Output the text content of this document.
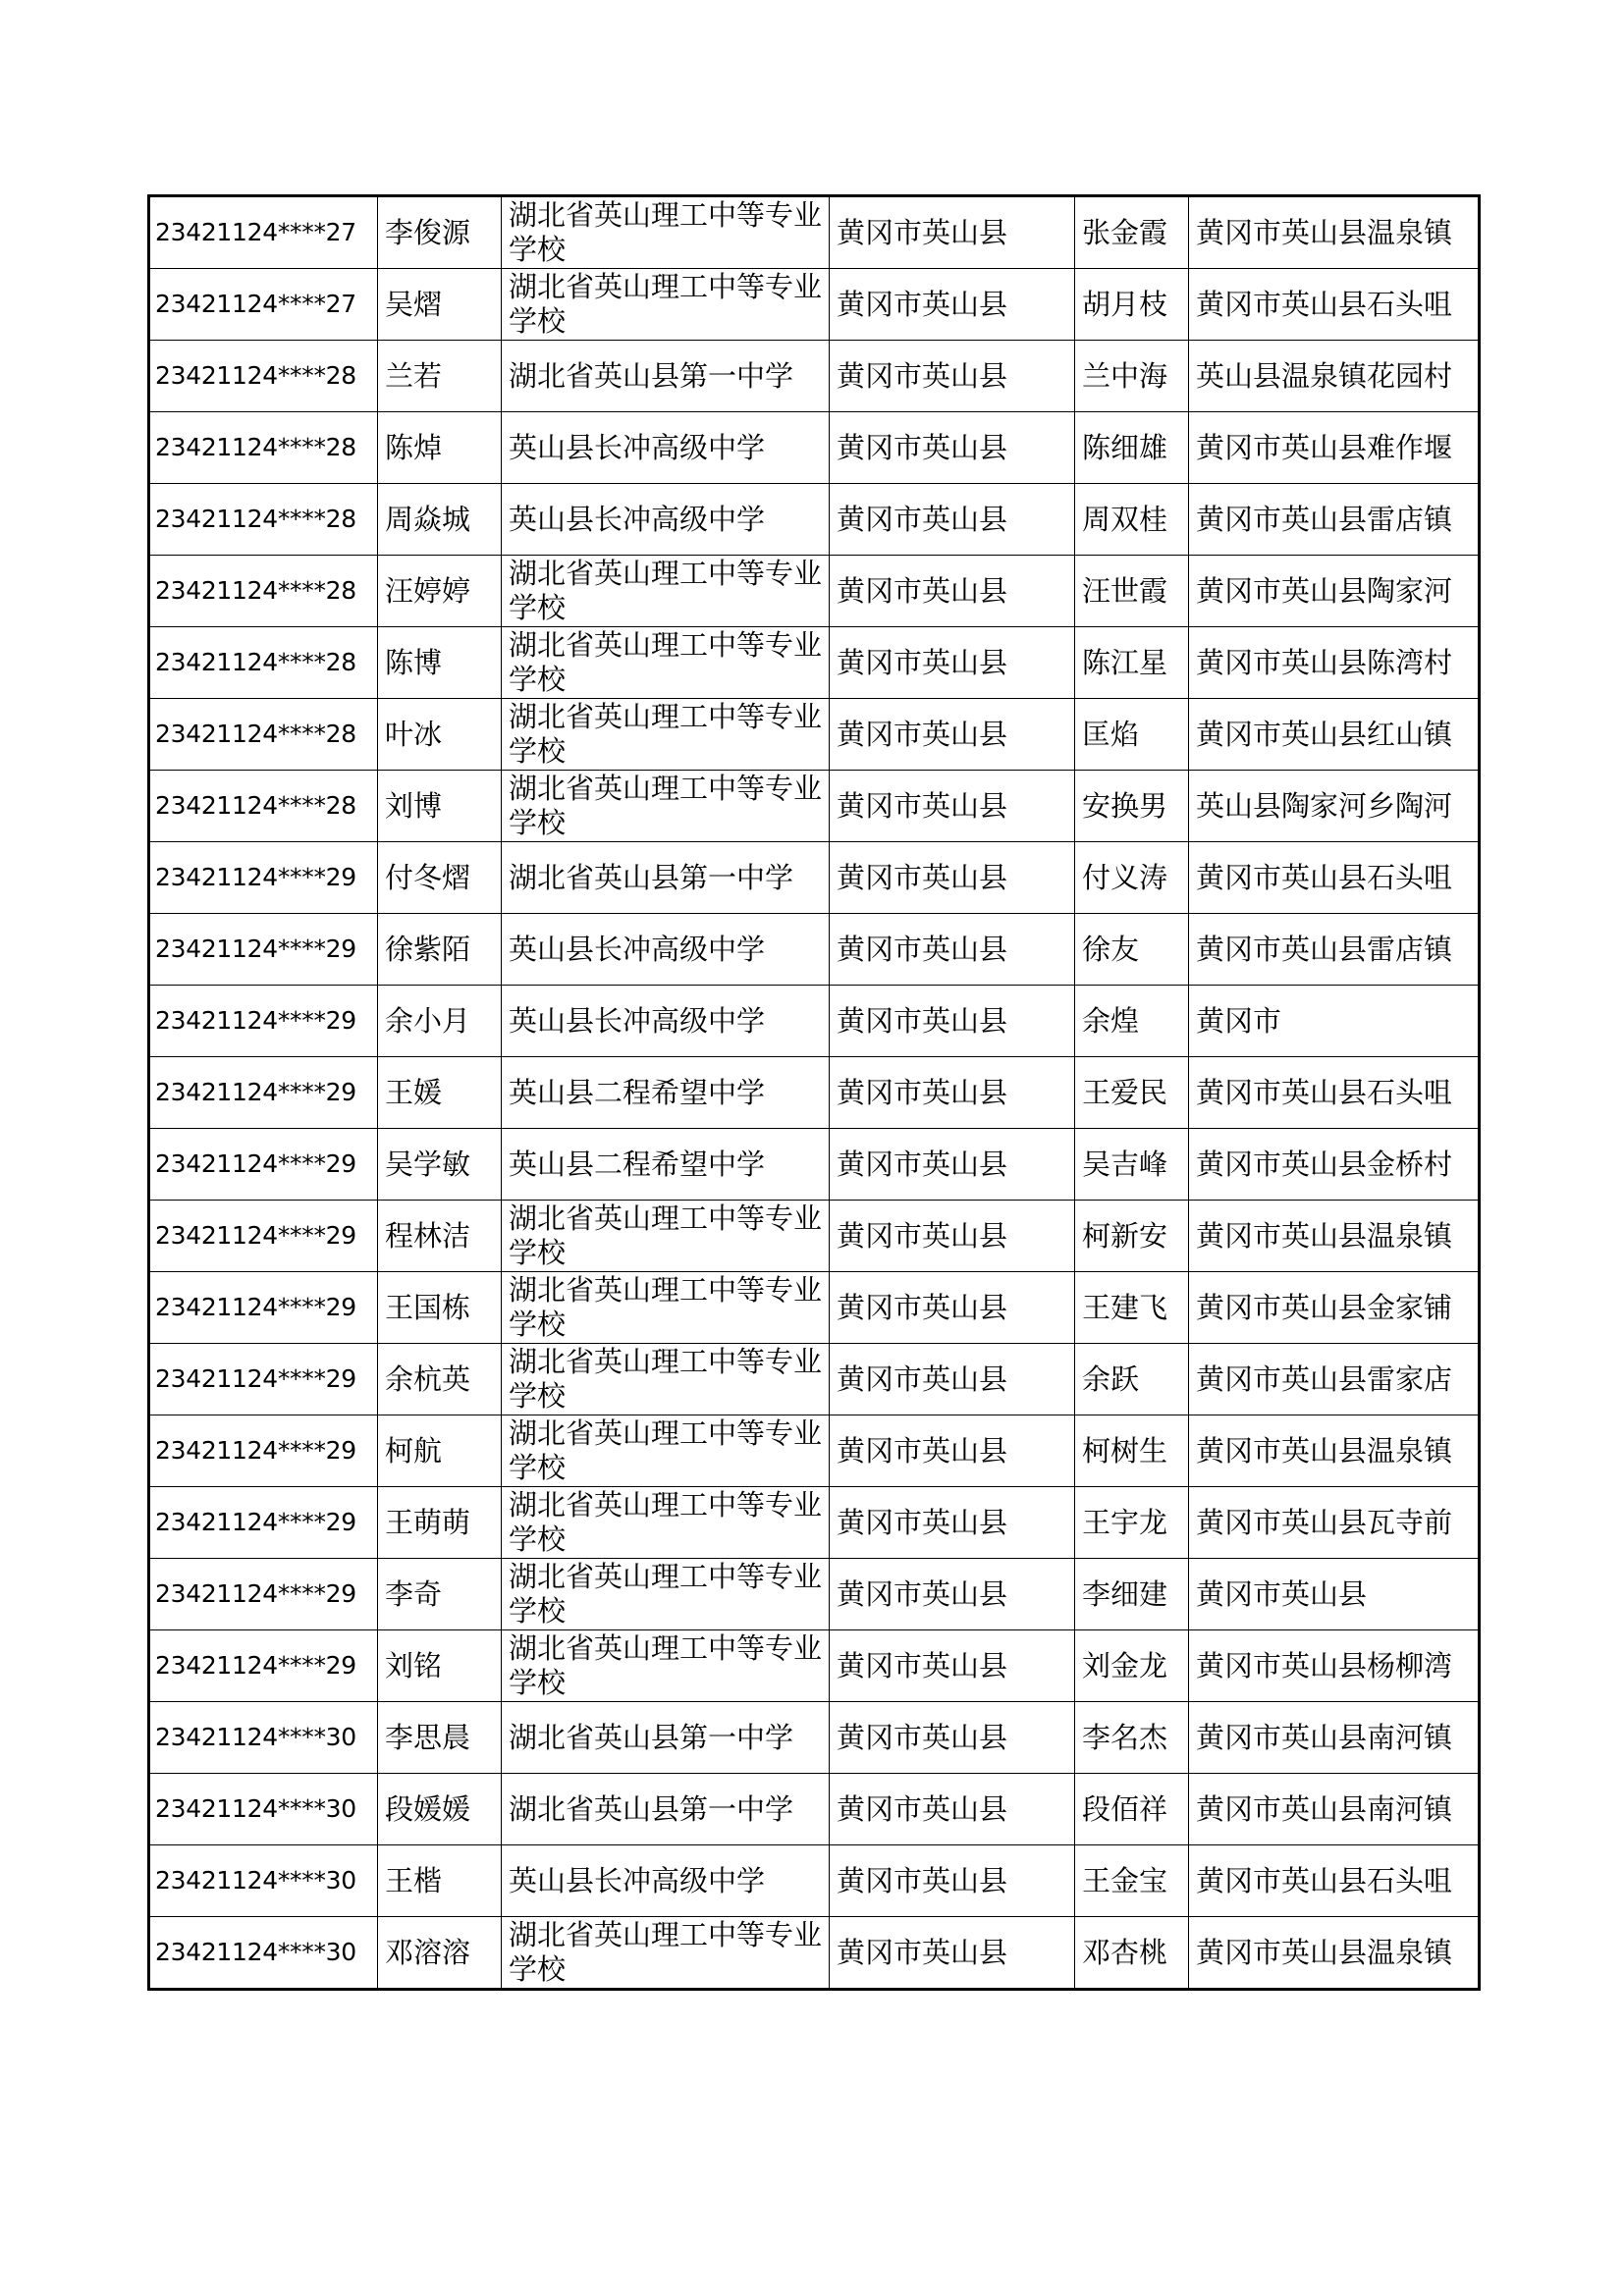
23421124****27	李俊源	湖北省英山理工中等专业学校	黄冈市英山县	张金霞	黄冈市英山县温泉镇
23421124****27	吴熠	湖北省英山理工中等专业学校	黄冈市英山县	胡月枝	黄冈市英山县石头咀
23421124****28	兰若	湖北省英山县第一中学	黄冈市英山县	兰中海	英山县温泉镇花园村
23421124****28	陈焯	英山县长冲高级中学	黄冈市英山县	陈细雄	黄冈市英山县难作堰
23421124****28	周焱城	英山县长冲高级中学	黄冈市英山县	周双桂	黄冈市英山县雷店镇
23421124****28	汪婷婷	湖北省英山理工中等专业学校	黄冈市英山县	汪世霞	黄冈市英山县陶家河
23421124****28	陈博	湖北省英山理工中等专业学校	黄冈市英山县	陈江星	黄冈市英山县陈湾村
23421124****28	叶冰	湖北省英山理工中等专业学校	黄冈市英山县	匡焰	黄冈市英山县红山镇
23421124****28	刘博	湖北省英山理工中等专业学校	黄冈市英山县	安换男	英山县陶家河乡陶河
23421124****29	付冬熠	湖北省英山县第一中学	黄冈市英山县	付义涛	黄冈市英山县石头咀
23421124****29	徐紫陌	英山县长冲高级中学	黄冈市英山县	徐友	黄冈市英山县雷店镇
23421124****29	余小月	英山县长冲高级中学	黄冈市英山县	余煌	黄冈市
23421124****29	王媛	英山县二程希望中学	黄冈市英山县	王爱民	黄冈市英山县石头咀
23421124****29	吴学敏	英山县二程希望中学	黄冈市英山县	吴吉峰	黄冈市英山县金桥村
23421124****29	程林洁	湖北省英山理工中等专业学校	黄冈市英山县	柯新安	黄冈市英山县温泉镇
23421124****29	王国栋	湖北省英山理工中等专业学校	黄冈市英山县	王建飞	黄冈市英山县金家铺
23421124****29	余杭英	湖北省英山理工中等专业学校	黄冈市英山县	余跃	黄冈市英山县雷家店
23421124****29	柯航	湖北省英山理工中等专业学校	黄冈市英山县	柯树生	黄冈市英山县温泉镇
23421124****29	王萌萌	湖北省英山理工中等专业学校	黄冈市英山县	王宇龙	黄冈市英山县瓦寺前
23421124****29	李奇	湖北省英山理工中等专业学校	黄冈市英山县	李细建	黄冈市英山县
23421124****29	刘铭	湖北省英山理工中等专业学校	黄冈市英山县	刘金龙	黄冈市英山县杨柳湾
23421124****30	李思晨	湖北省英山县第一中学	黄冈市英山县	李名杰	黄冈市英山县南河镇
23421124****30	段媛媛	湖北省英山县第一中学	黄冈市英山县	段佰祥	黄冈市英山县南河镇
23421124****30	王楷	英山县长冲高级中学	黄冈市英山县	王金宝	黄冈市英山县石头咀
23421124****30	邓溶溶	湖北省英山理工中等专业学校	黄冈市英山县	邓杏桃	黄冈市英山县温泉镇
